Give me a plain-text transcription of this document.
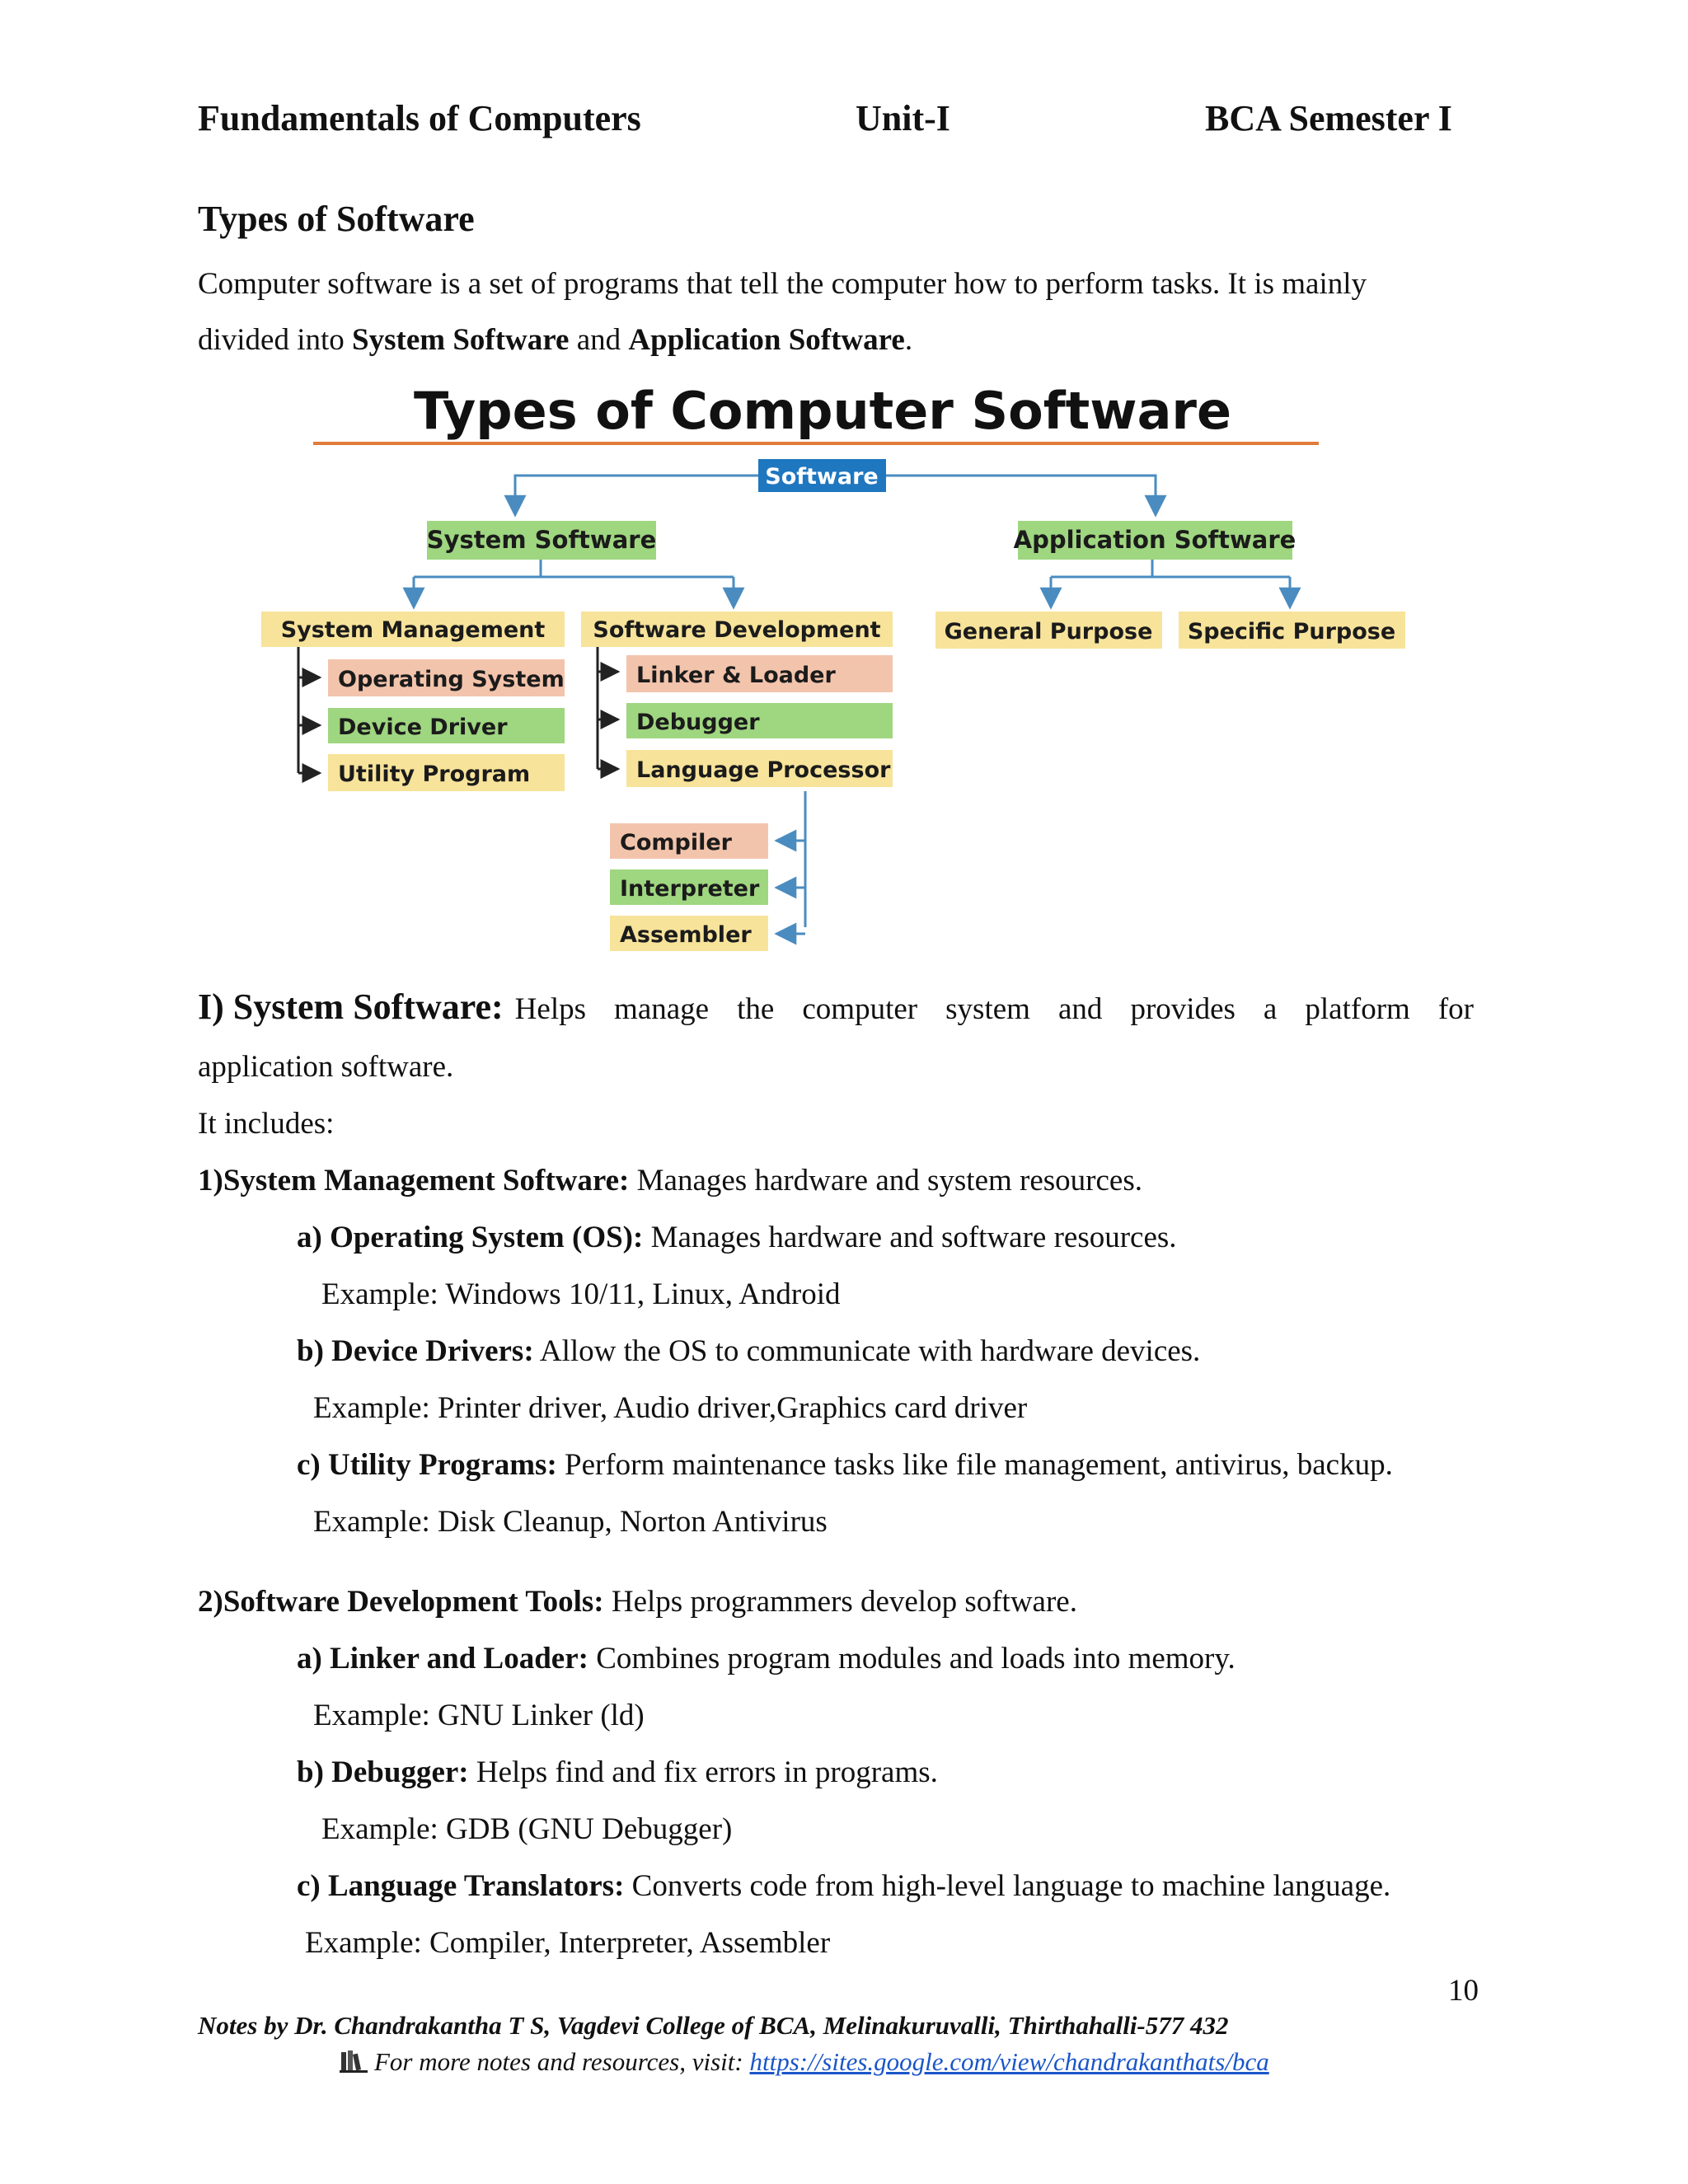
Fundamentals of Computers	Unit-I	BCA Semester I
Types of Software
Computer software is a set of programs that tell the computer how to perform tasks. It is mainly
divided into System Software and Application Software.
Types of Computer Software
Software
System Software	Application Software
System Management Software Development	General Purpose Specific Purpose
Operating System
Device Driver
Utility Program
Linker & Loader
Debugger
Language Processor
Compiler
Interpreter
Assembler
I) System Software: Helps manage the computer system and provides a platform for
application software.
It includes:
1)System Management Software: Manages hardware and system resources.
a) Operating System (OS): Manages hardware and software resources.
Example: Windows 10/11, Linux, Android
b) Device Drivers: Allow the OS to communicate with hardware devices.
Example: Printer driver, Audio driver,Graphics card driver
c) Utility Programs: Perform maintenance tasks like file management, antivirus, backup.
Example: Disk Cleanup, Norton Antivirus
2)Software Development Tools: Helps programmers develop software.
a) Linker and Loader: Combines program modules and loads into memory.
Example: GNU Linker (ld)
b) Debugger: Helps find and fix errors in programs.
Example: GDB (GNU Debugger)
c) Language Translators: Converts code from high-level language to machine language.
Example: Compiler, Interpreter, Assembler
10
Notes by Dr. Chandrakantha T S, Vagdevi College of BCA, Melinakuruvalli, Thirthahalli-577 432
For more notes and resources, visit: https://sites.google.com/view/chandrakanthats/bca
